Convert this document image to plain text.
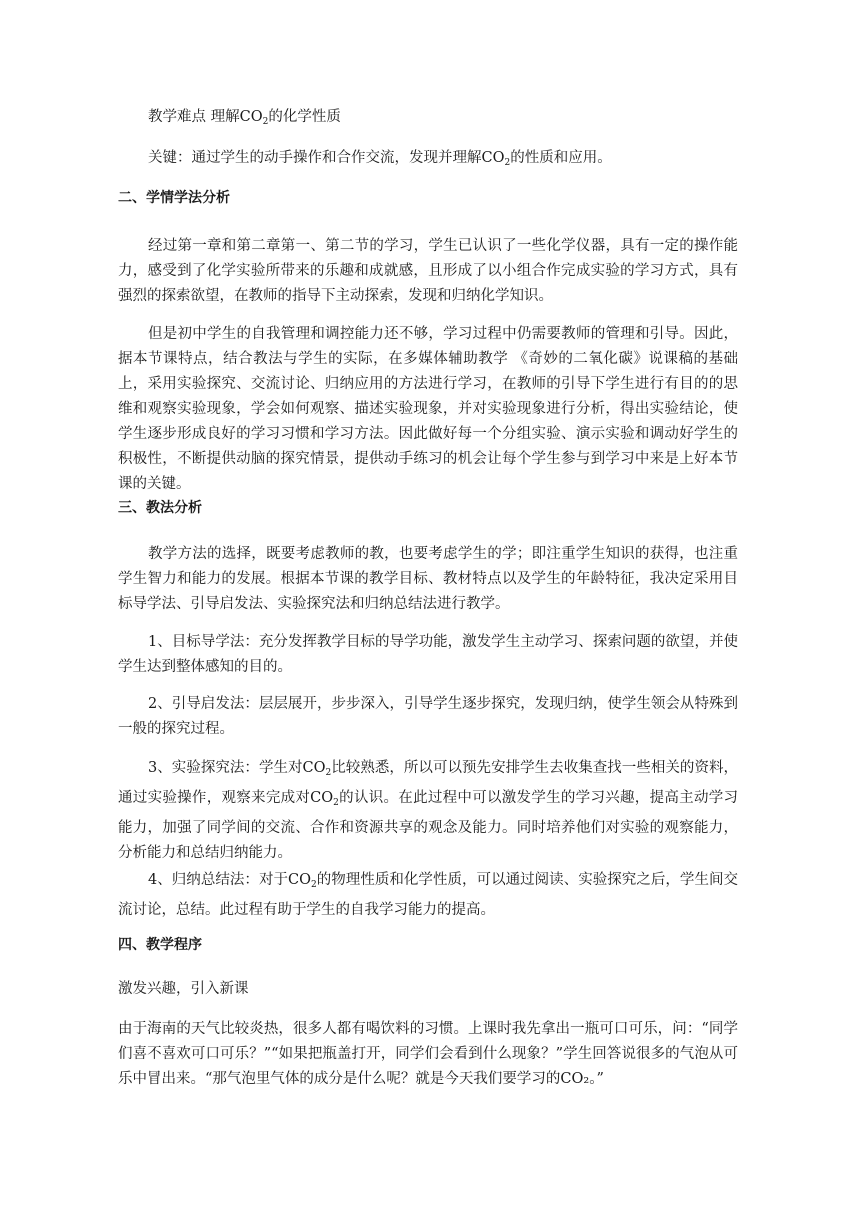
教学难点 理解$CO_2$的化学性质

关键：通过学生的动手操作和合作交流，发现并理解$CO_2$的性质和应用。

二、学情学法分析

经过第一章和第二章第一、第二节的学习，学生已认识了一些化学仪器，具有一定的操作能力，感受到了化学实验所带来的乐趣和成就感，且形成了以小组合作完成实验的学习方式，具有强烈的探索欲望，在教师的指导下主动探索，发现和归纳化学知识。

但是初中学生的自我管理和调控能力还不够，学习过程中仍需要教师的管理和引导。因此，据本节课特点，结合教法与学生的实际，在多媒体辅助教学 《奇妙的二氧化碳》说课稿的基础上，采用实验探究、交流讨论、归纳应用的方法进行学习，在教师的引导下学生进行有目的的思维和观察实验现象，学会如何观察、描述实验现象，并对实验现象进行分析，得出实验结论，使学生逐步形成良好的学习习惯和学习方法。因此做好每一个分组实验、演示实验和调动好学生的积极性，不断提供动脑的探究情景，提供动手练习的机会让每个学生参与到学习中来是上好本节课的关键。

三、教法分析

教学方法的选择，既要考虑教师的教，也要考虑学生的学；即注重学生知识的获得，也注重学生智力和能力的发展。根据本节课的教学目标、教材特点以及学生的年龄特征，我决定采用目标导学法、引导启发法、实验探究法和归纳总结法进行教学。

1、目标导学法：充分发挥教学目标的导学功能，激发学生主动学习、探索问题的欲望，并使学生达到整体感知的目的。

2、引导启发法：层层展开，步步深入，引导学生逐步探究，发现归纳，使学生领会从特殊到一般的探究过程。

3、实验探究法：学生对$CO_2$比较熟悉，所以可以预先安排学生去收集查找一些相关的资料，通过实验操作，观察来完成对$CO_2$的认识。在此过程中可以激发学生的学习兴趣，提高主动学习能力，加强了同学间的交流、合作和资源共享的观念及能力。同时培养他们对实验的观察能力，分析能力和总结归纳能力。

4、归纳总结法：对于$CO_2$的物理性质和化学性质，可以通过阅读、实验探究之后，学生间交流讨论，总结。此过程有助于学生的自我学习能力的提高。

四、教学程序

激发兴趣，引入新课

由于海南的天气比较炎热，很多人都有喝饮料的习惯。上课时我先拿出一瓶可口可乐，问：“同学们喜不喜欢可口可乐？”“如果把瓶盖打开，同学们会看到什么现象？”学生回答说很多的气泡从可乐中冒出来。“那气泡里气体的成分是什么呢？就是今天我们要学习的CO₂。”
